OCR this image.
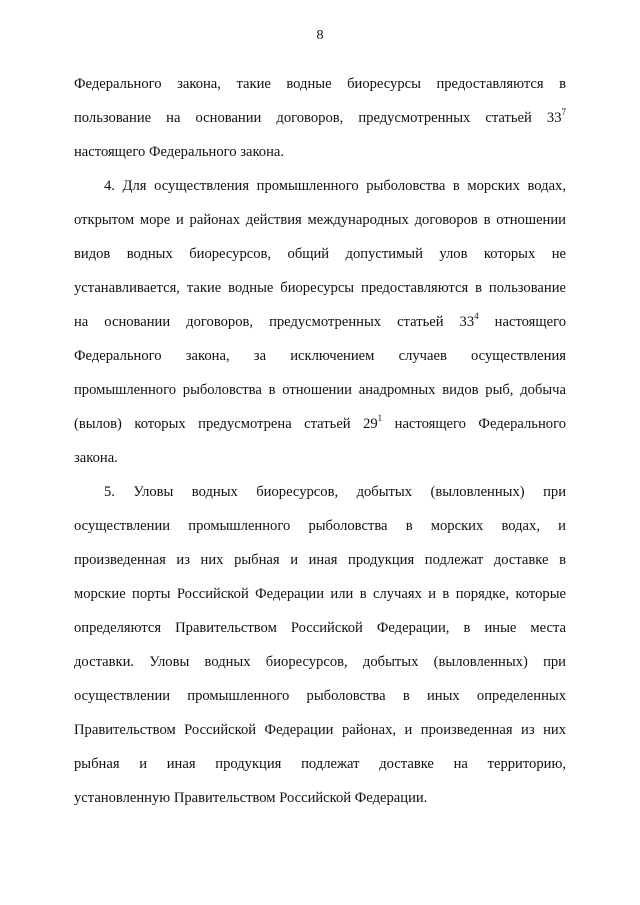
8
Федерального закона, такие водные биоресурсы предоставляются в
пользование на основании договоров, предусмотренных статьей $33^7$
настоящего Федерального закона.
4. Для осуществления промышленного рыболовства в морских водах,
открытом море и районах действия международных договоров в отношении
видов водных биоресурсов, общий допустимый улов которых не
устанавливается, такие водные биоресурсы предоставляются в пользование
на основании договоров, предусмотренных статьей $33^4$ настоящего
Федерального закона, за исключением случаев осуществления
промышленного рыболовства в отношении анадромных видов рыб, добыча
(вылов) которых предусмотрена статьей $29^1$ настоящего Федерального
закона.
5. Уловы водных биоресурсов, добытых (выловленных) при
осуществлении промышленного рыболовства в морских водах, и
произведенная из них рыбная и иная продукция подлежат доставке в
морские порты Российской Федерации или в случаях и в порядке, которые
определяются Правительством Российской Федерации, в иные места
доставки. Уловы водных биоресурсов, добытых (выловленных) при
осуществлении промышленного рыболовства в иных определенных
Правительством Российской Федерации районах, и произведенная из них
рыбная и иная продукция подлежат доставке на территорию,
установленную Правительством Российской Федерации.
